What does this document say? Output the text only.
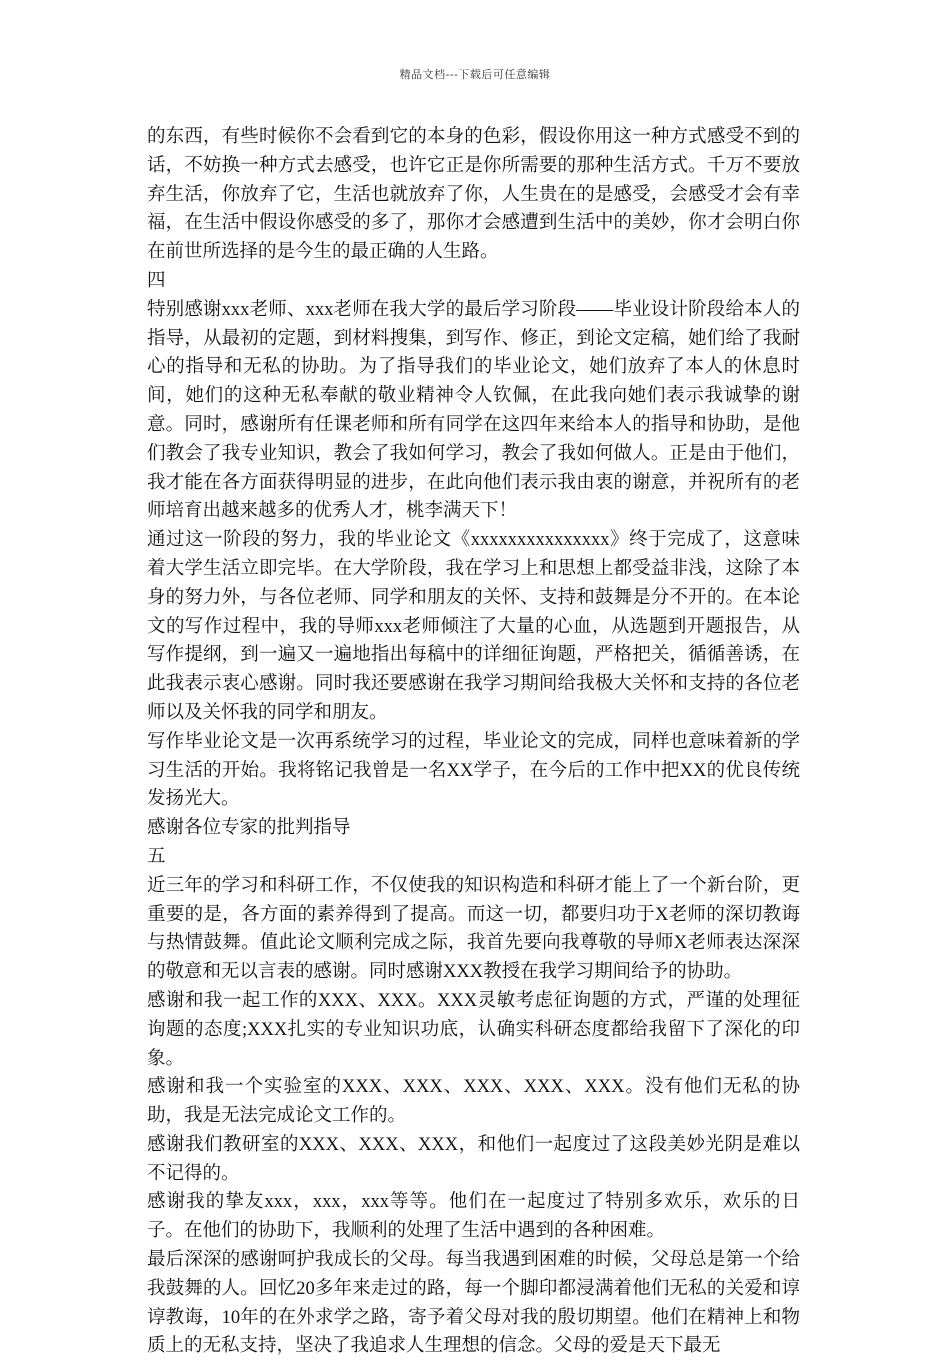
精品文档---下载后可任意编辑

的东西，有些时候你不会看到它的本身的色彩，假设你用这一种方式感受不到的话，不妨换一种方式去感受，也许它正是你所需要的那种生活方式。千万不要放弃生活，你放弃了它，生活也就放弃了你，人生贵在的是感受，会感受才会有幸福，在生活中假设你感受的多了，那你才会感遭到生活中的美妙，你才会明白你在前世所选择的是今生的最正确的人生路。

四

特别感谢xxx老师、xxx老师在我大学的最后学习阶段——毕业设计阶段给本人的指导，从最初的定题，到材料搜集，到写作、修正，到论文定稿，她们给了我耐心的指导和无私的协助。为了指导我们的毕业论文，她们放弃了本人的休息时间，她们的这种无私奉献的敬业精神令人钦佩，在此我向她们表示我诚挚的谢意。同时，感谢所有任课老师和所有同学在这四年来给本人的指导和协助，是他们教会了我专业知识，教会了我如何学习，教会了我如何做人。正是由于他们，我才能在各方面获得明显的进步，在此向他们表示我由衷的谢意，并祝所有的老师培育出越来越多的优秀人才，桃李满天下！

通过这一阶段的努力，我的毕业论文《xxxxxxxxxxxxxxx》终于完成了，这意味着大学生活立即完毕。在大学阶段，我在学习上和思想上都受益非浅，这除了本身的努力外，与各位老师、同学和朋友的关怀、支持和鼓舞是分不开的。在本论文的写作过程中，我的导师xxx老师倾注了大量的心血，从选题到开题报告，从写作提纲，到一遍又一遍地指出每稿中的详细征询题，严格把关，循循善诱，在此我表示衷心感谢。同时我还要感谢在我学习期间给我极大关怀和支持的各位老师以及关怀我的同学和朋友。

写作毕业论文是一次再系统学习的过程，毕业论文的完成，同样也意味着新的学习生活的开始。我将铭记我曾是一名XX学子，在今后的工作中把XX的优良传统发扬光大。

感谢各位专家的批判指导

五

近三年的学习和科研工作，不仅使我的知识构造和科研才能上了一个新台阶，更重要的是，各方面的素养得到了提高。而这一切，都要归功于X老师的深切教诲与热情鼓舞。值此论文顺利完成之际，我首先要向我尊敬的导师X老师表达深深的敬意和无以言表的感谢。同时感谢XXX教授在我学习期间给予的协助。

感谢和我一起工作的XXX、XXX。XXX灵敏考虑征询题的方式，严谨的处理征询题的态度;XXX扎实的专业知识功底，认确实科研态度都给我留下了深化的印象。

感谢和我一个实验室的XXX、XXX、XXX、XXX、XXX。没有他们无私的协助，我是无法完成论文工作的。

感谢我们教研室的XXX、XXX、XXX，和他们一起度过了这段美妙光阴是难以不记得的。

感谢我的挚友xxx，xxx，xxx等等。他们在一起度过了特别多欢乐，欢乐的日子。在他们的协助下，我顺利的处理了生活中遇到的各种困难。

最后深深的感谢呵护我成长的父母。每当我遇到困难的时候，父母总是第一个给我鼓舞的人。回忆20多年来走过的路，每一个脚印都浸满着他们无私的关爱和谆谆教诲，10年的在外求学之路，寄予着父母对我的殷切期望。他们在精神上和物质上的无私支持，坚决了我追求人生理想的信念。父母的爱是天下最无
